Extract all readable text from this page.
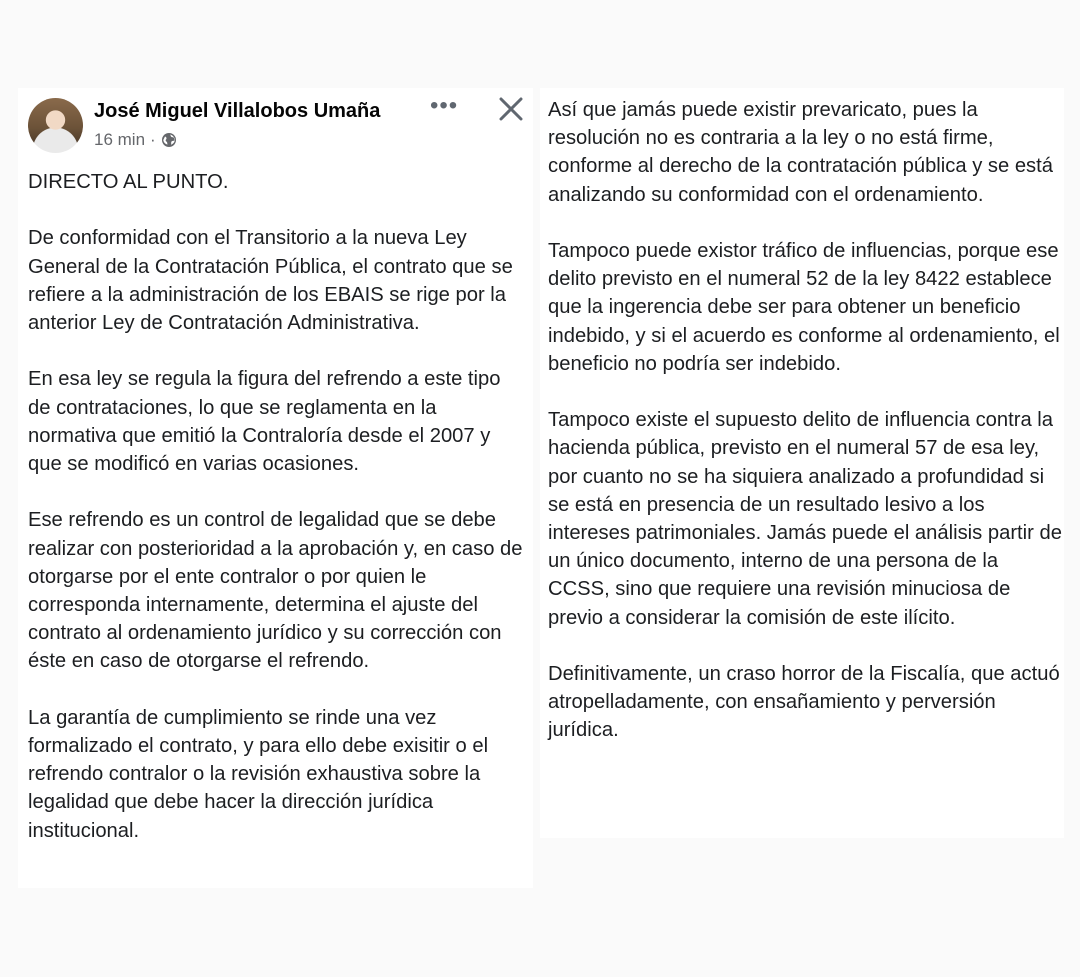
José Miguel Villalobos Umaña
16 min ·
•••

DIRECTO AL PUNTO.

De conformidad con el Transitorio a la nueva Ley General de la Contratación Pública, el contrato que se refiere a la administración de los EBAIS se rige por la anterior Ley de Contratación Administrativa.

En esa ley se regula la figura del refrendo a este tipo de contrataciones, lo que se reglamenta en la normativa que emitió la Contraloría desde el 2007 y que se modificó en varias ocasiones.

Ese refrendo es un control de legalidad que se debe realizar con posterioridad a la aprobación y, en caso de otorgarse por el ente contralor o por quien le corresponda internamente, determina el ajuste del contrato al ordenamiento jurídico y su corrección con éste en caso de otorgarse el refrendo.

La garantía de cumplimiento se rinde una vez formalizado el contrato, y para ello debe exisitir o el refrendo contralor o la revisión exhaustiva sobre la legalidad que debe hacer la dirección jurídica institucional.

Así que jamás puede existir prevaricato, pues la resolución no es contraria a la ley o no está firme, conforme al derecho de la contratación pública y se está analizando su conformidad con el ordenamiento.

Tampoco puede existor tráfico de influencias, porque ese delito previsto en el numeral 52 de la ley 8422 establece que la ingerencia debe ser para obtener un beneficio indebido, y si el acuerdo es conforme al ordenamiento, el beneficio no podría ser indebido.

Tampoco existe el supuesto delito de influencia contra la hacienda pública, previsto en el numeral 57 de esa ley, por cuanto no se ha siquiera analizado a profundidad si se está en presencia de un resultado lesivo a los intereses patrimoniales. Jamás puede el análisis partir de un único documento, interno de una persona de la CCSS, sino que requiere una revisión minuciosa de previo a considerar la comisión de este ilícito.

Definitivamente, un craso horror de la Fiscalía, que actuó atropelladamente, con ensañamiento y perversión jurídica.
